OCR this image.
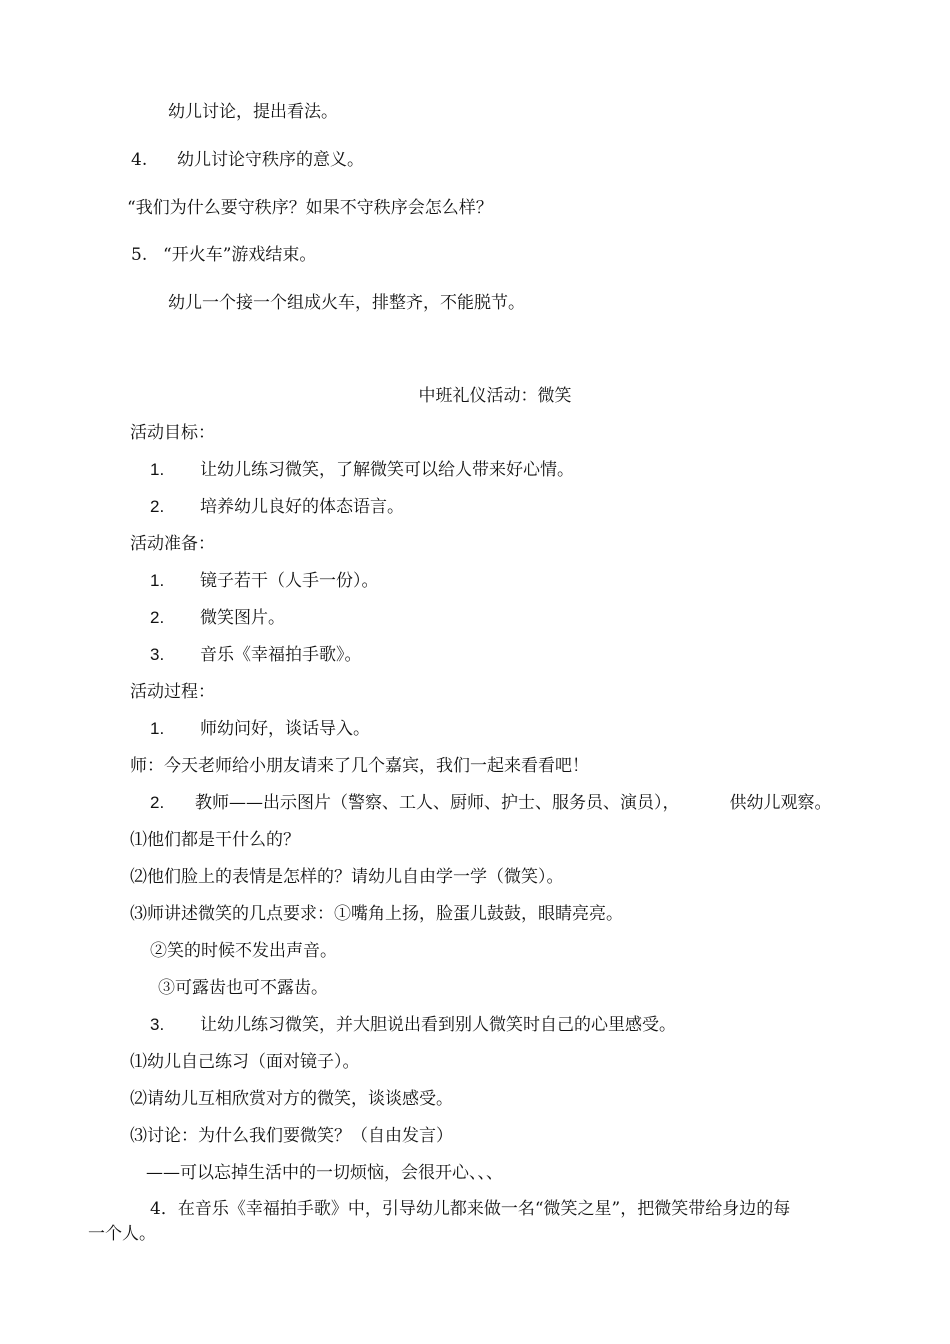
幼儿讨论，提出看法。
4. 幼儿讨论守秩序的意义。
“我们为什么要守秩序？如果不守秩序会怎么样？
5. “开火车”游戏结束。
幼儿一个接一个组成火车，排整齐，不能脱节。
中班礼仪活动：微笑
活动目标：
1. 让幼儿练习微笑，了解微笑可以给人带来好心情。
2. 培养幼儿良好的体态语言。
活动准备：
1. 镜子若干（人手一份）。
2. 微笑图片。
3. 音乐《幸福拍手歌》。
活动过程：
1. 师幼问好，谈话导入。
师：今天老师给小朋友请来了几个嘉宾，我们一起来看看吧！
2. 教师——出示图片（警察、工人、厨师、护士、服务员、演员），	供幼儿观察。
⑴他们都是干什么的？
⑵他们脸上的表情是怎样的？请幼儿自由学一学（微笑）。
⑶师讲述微笑的几点要求：①嘴角上扬，脸蛋儿鼓鼓，眼睛亮亮。
②笑的时候不发出声音。
③可露齿也可不露齿。
3. 让幼儿练习微笑，并大胆说出看到别人微笑时自己的心里感受。
⑴幼儿自己练习（面对镜子）。
⑵请幼儿互相欣赏对方的微笑，谈谈感受。
⑶讨论：为什么我们要微笑？（自由发言）
——可以忘掉生活中的一切烦恼，会很开心、、、
4．在音乐《幸福拍手歌》中，引导幼儿都来做一名“微笑之星”，把微笑带给身边的每
一个人。
